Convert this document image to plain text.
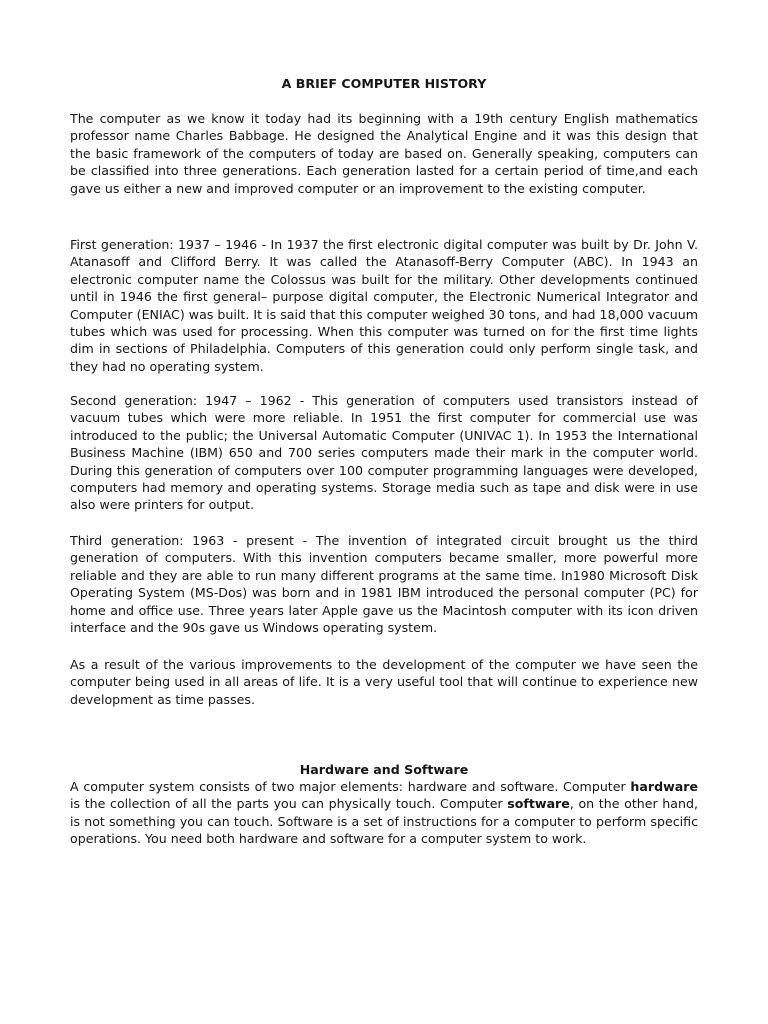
A BRIEF COMPUTER HISTORY

The computer as we know it today had its beginning with a 19th century English mathematics professor name Charles Babbage. He designed the Analytical Engine and it was this design that the basic framework of the computers of today are based on. Generally speaking, computers can be classified into three generations. Each generation lasted for a certain period of time,and each gave us either a new and improved computer or an improvement to the existing computer.

First generation: 1937 – 1946 - In 1937 the first electronic digital computer was built by Dr. John V. Atanasoff and Clifford Berry. It was called the Atanasoff-Berry Computer (ABC). In 1943 an electronic computer name the Colossus was built for the military. Other developments continued until in 1946 the first general– purpose digital computer, the Electronic Numerical Integrator and Computer (ENIAC) was built. It is said that this computer weighed 30 tons, and had 18,000 vacuum tubes which was used for processing. When this computer was turned on for the first time lights dim in sections of Philadelphia. Computers of this generation could only perform single task, and they had no operating system.

Second generation: 1947 – 1962 - This generation of computers used transistors instead of vacuum tubes which were more reliable. In 1951 the first computer for commercial use was introduced to the public; the Universal Automatic Computer (UNIVAC 1). In 1953 the International Business Machine (IBM) 650 and 700 series computers made their mark in the computer world. During this generation of computers over 100 computer programming languages were developed, computers had memory and operating systems. Storage media such as tape and disk were in use also were printers for output.

Third generation: 1963 - present - The invention of integrated circuit brought us the third generation of computers. With this invention computers became smaller, more powerful more reliable and they are able to run many different programs at the same time. In1980 Microsoft Disk Operating System (MS-Dos) was born and in 1981 IBM introduced the personal computer (PC) for home and office use. Three years later Apple gave us the Macintosh computer with its icon driven interface and the 90s gave us Windows operating system.

As a result of the various improvements to the development of the computer we have seen the computer being used in all areas of life. It is a very useful tool that will continue to experience new development as time passes.

Hardware and Software

A computer system consists of two major elements: hardware and software. Computer hardware is the collection of all the parts you can physically touch. Computer software, on the other hand, is not something you can touch. Software is a set of instructions for a computer to perform specific operations. You need both hardware and software for a computer system to work.
